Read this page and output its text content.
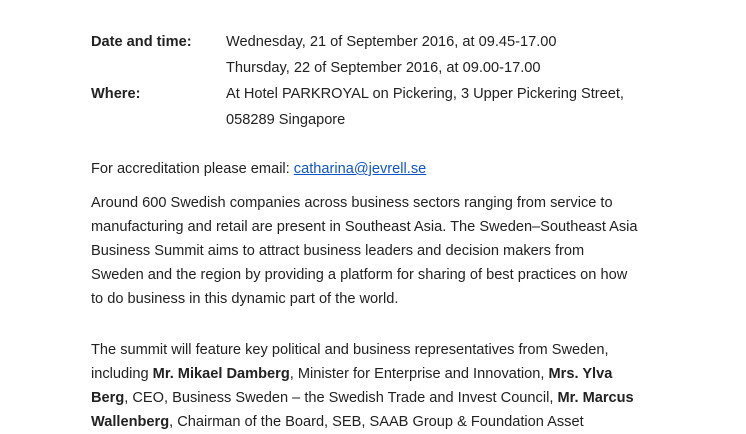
Date and time:	Wednesday, 21 of September 2016, at 09.45-17.00
Thursday, 22 of September 2016, at 09.00-17.00
Where:	At Hotel PARKROYAL on Pickering, 3 Upper Pickering Street,
058289 Singapore
For accreditation please email: catharina@jevrell.se
Around 600 Swedish companies across business sectors ranging from service to
manufacturing and retail are present in Southeast Asia. The Sweden–Southeast Asia
Business Summit aims to attract business leaders and decision makers from
Sweden and the region by providing a platform for sharing of best practices on how
to do business in this dynamic part of the world.
The summit will feature key political and business representatives from Sweden,
including Mr. Mikael Damberg, Minister for Enterprise and Innovation, Mrs. Ylva
Berg, CEO, Business Sweden – the Swedish Trade and Invest Council, Mr. Marcus
Wallenberg, Chairman of the Board, SEB, SAAB Group & Foundation Asset
